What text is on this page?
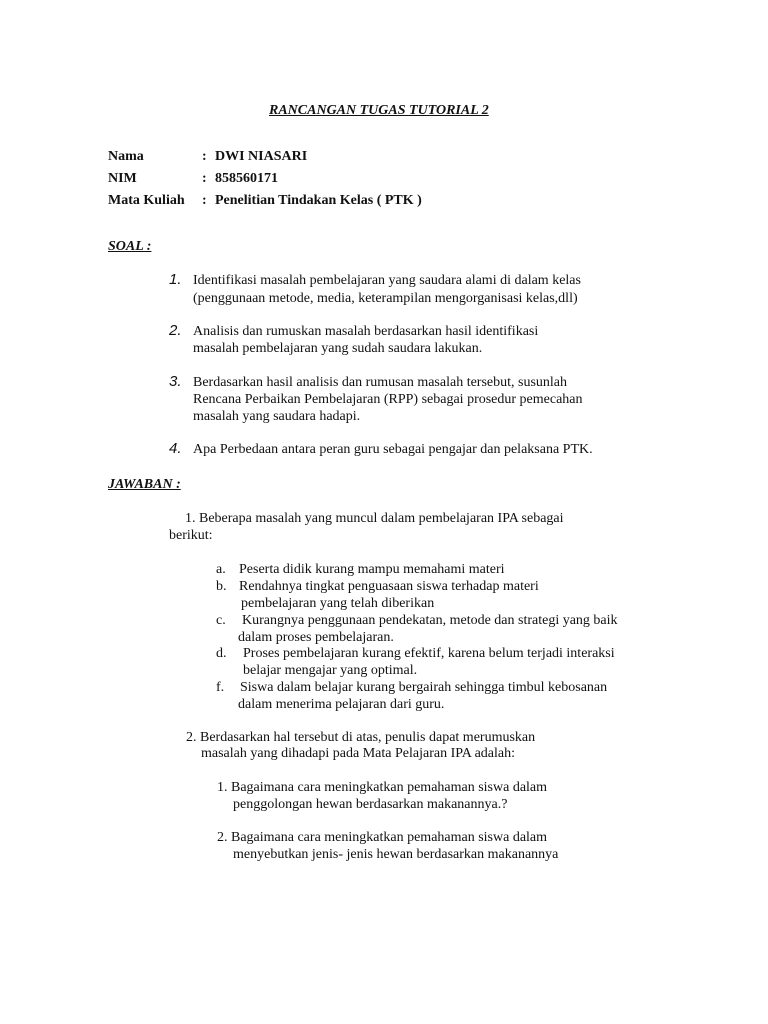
RANCANGAN TUGAS TUTORIAL 2
Nama	: DWI NIASARI
NIM	: 858560171
Mata Kuliah : Penelitian Tindakan Kelas ( PTK )
SOAL :
1. Identifikasi masalah pembelajaran yang saudara alami di dalam kelas
(penggunaan metode, media, keterampilan mengorganisasi kelas,dll)
2. Analisis dan rumuskan masalah berdasarkan hasil identifikasi
masalah pembelajaran yang sudah saudara lakukan.
3. Berdasarkan hasil analisis dan rumusan masalah tersebut, susunlah
Rencana Perbaikan Pembelajaran (RPP) sebagai prosedur pemecahan
masalah yang saudara hadapi.
4. Apa Perbedaan antara peran guru sebagai pengajar dan pelaksana PTK.
JAWABAN :
1. Beberapa masalah yang muncul dalam pembelajaran IPA sebagai
berikut:
a. Peserta didik kurang mampu memahami materi
b. Rendahnya tingkat penguasaan siswa terhadap materi
pembelajaran yang telah diberikan
c. Kurangnya penggunaan pendekatan, metode dan strategi yang baik
dalam proses pembelajaran.
d. Proses pembelajaran kurang efektif, karena belum terjadi interaksi
belajar mengajar yang optimal.
f. Siswa dalam belajar kurang bergairah sehingga timbul kebosanan
dalam menerima pelajaran dari guru.
2. Berdasarkan hal tersebut di atas, penulis dapat merumuskan
masalah yang dihadapi pada Mata Pelajaran IPA adalah:
1. Bagaimana cara meningkatkan pemahaman siswa dalam
penggolongan hewan berdasarkan makanannya.?
2. Bagaimana cara meningkatkan pemahaman siswa dalam
menyebutkan jenis- jenis hewan berdasarkan makanannya
